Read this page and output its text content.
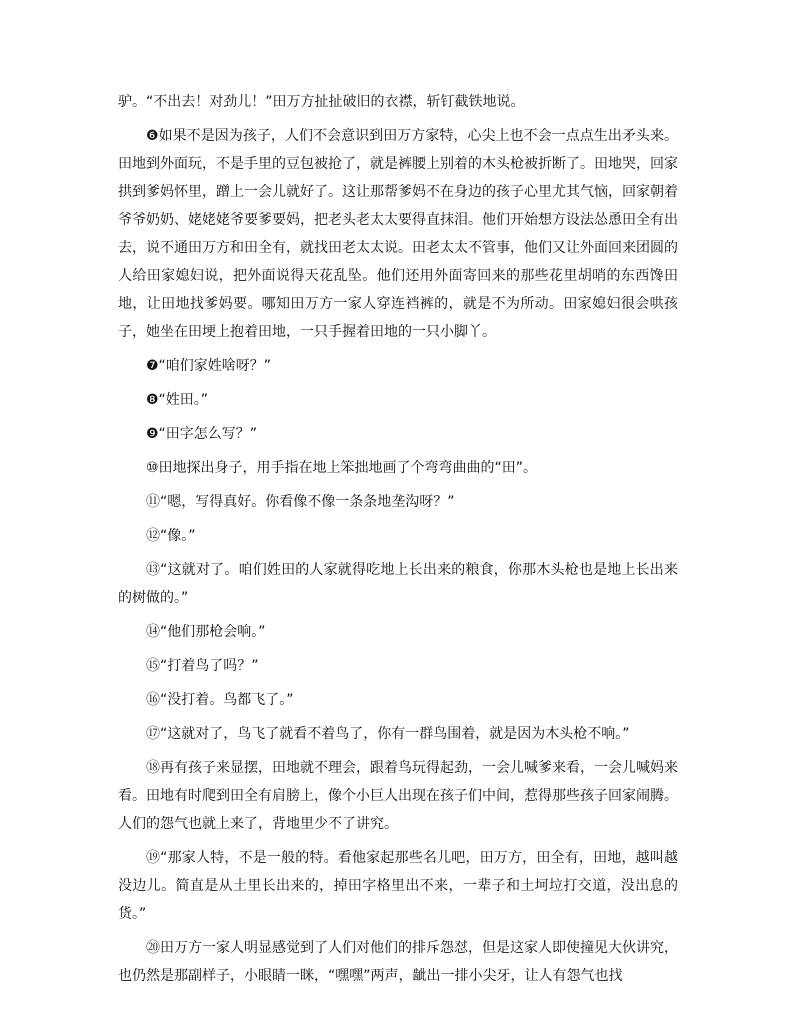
驴。“不出去！对劲儿！”田万方扯扯破旧的衣襟，斩钉截铁地说。

❻如果不是因为孩子，人们不会意识到田万方家特，心尖上也不会一点点生出矛头来。田地到外面玩，不是手里的豆包被抢了，就是裤腰上别着的木头枪被折断了。田地哭，回家拱到爹妈怀里，蹭上一会儿就好了。这让那帮爹妈不在身边的孩子心里尤其气恼，回家朝着爷爷奶奶、姥姥姥爷要爹要妈，把老头老太太要得直抹泪。他们开始想方设法怂恿田全有出去，说不通田万方和田全有，就找田老太太说。田老太太不管事，他们又让外面回来团圆的人给田家媳妇说，把外面说得天花乱坠。他们还用外面寄回来的那些花里胡哨的东西馋田地，让田地找爹妈要。哪知田万方一家人穿连裆裤的，就是不为所动。田家媳妇很会哄孩子，她坐在田埂上抱着田地，一只手握着田地的一只小脚丫。

❼“咱们家姓啥呀？”

❽“姓田。”

❾“田字怎么写？”

⑩田地探出身子，用手指在地上笨拙地画了个弯弯曲曲的“田”。

⑪“嗯，写得真好。你看像不像一条条地垄沟呀？”

⑫“像。”

⑬“这就对了。咱们姓田的人家就得吃地上长出来的粮食，你那木头枪也是地上长出来的树做的。”

⑭“他们那枪会响。”

⑮“打着鸟了吗？”

⑯“没打着。鸟都飞了。”

⑰“这就对了，鸟飞了就看不着鸟了，你有一群鸟围着，就是因为木头枪不响。”

⑱再有孩子来显摆，田地就不理会，跟着鸟玩得起劲，一会儿喊爹来看，一会儿喊妈来看。田地有时爬到田全有肩膀上，像个小巨人出现在孩子们中间，惹得那些孩子回家闹腾。人们的怨气也就上来了，背地里少不了讲究。

⑲“那家人特，不是一般的特。看他家起那些名儿吧，田万方，田全有，田地，越叫越没边儿。简直是从土里长出来的，掉田字格里出不来，一辈子和土坷垃打交道，没出息的货。”

⑳田万方一家人明显感觉到了人们对他们的排斥怨怼，但是这家人即使撞见大伙讲究，也仍然是那副样子，小眼睛一眯，“嘿嘿”两声，龇出一排小尖牙，让人有怨气也找
